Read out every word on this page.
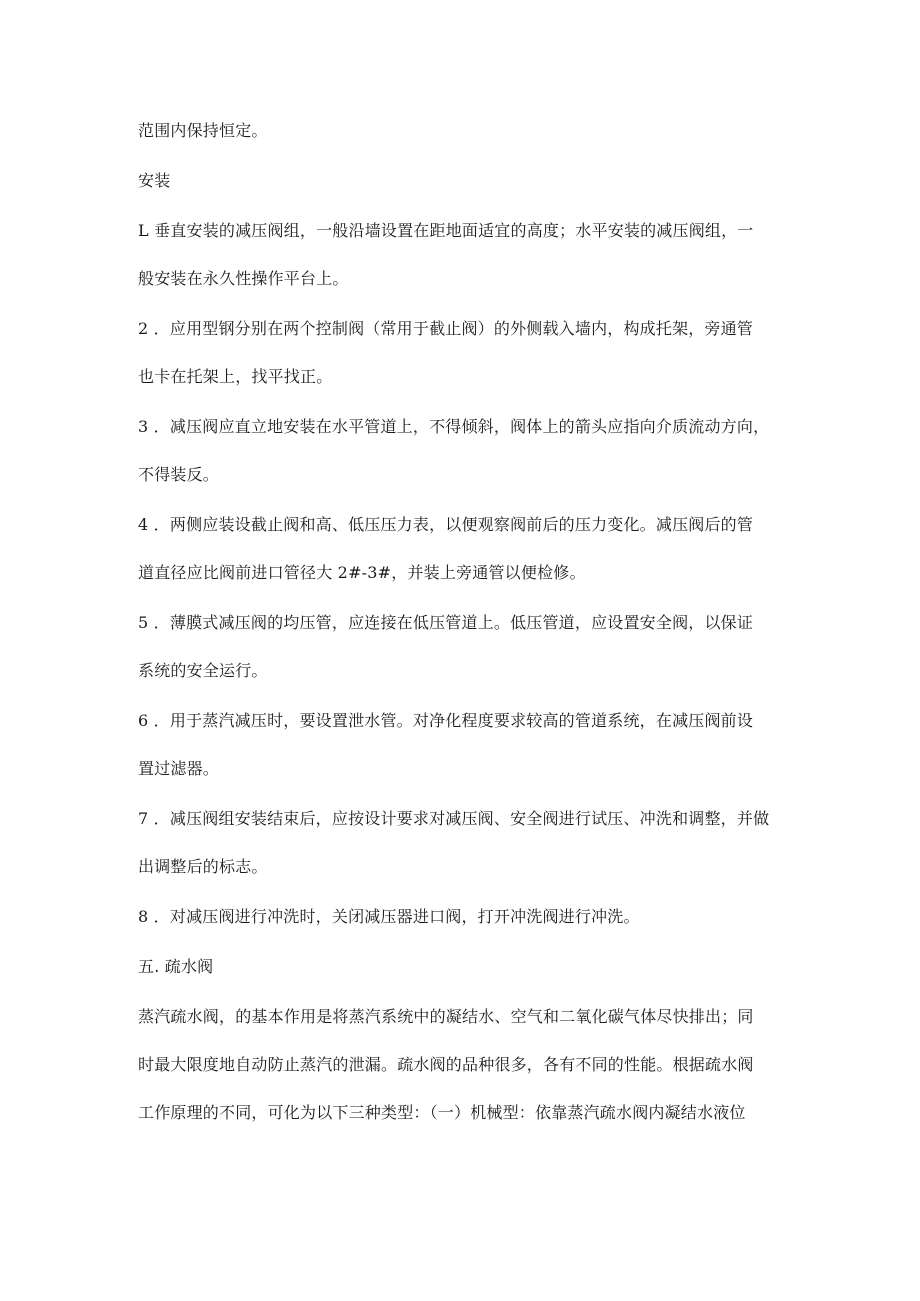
范围内保持恒定。
安装
L 垂直安装的减压阀组，一般沿墙设置在距地面适宜的高度；水平安装的减压阀组，一
般安装在永久性操作平台上。
2 ．应用型钢分别在两个控制阀（常用于截止阀）的外侧载入墙内，构成托架，旁通管
也卡在托架上，找平找正。
3 ．减压阀应直立地安装在水平管道上，不得倾斜，阀体上的箭头应指向介质流动方向，
不得装反。
4 ．两侧应装设截止阀和高、低压压力表，以便观察阀前后的压力变化。减压阀后的管
道直径应比阀前进口管径大 2#-3#，并装上旁通管以便检修。
5 ．薄膜式减压阀的均压管，应连接在低压管道上。低压管道，应设置安全阀，以保证
系统的安全运行。
6 ．用于蒸汽减压时，要设置泄水管。对净化程度要求较高的管道系统，在减压阀前设
置过滤器。
7 ．减压阀组安装结束后，应按设计要求对减压阀、安全阀进行试压、冲洗和调整，并做
出调整后的标志。
8 ．对减压阀进行冲洗时，关闭减压器进口阀，打开冲洗阀进行冲洗。
五. 疏水阀
蒸汽疏水阀，的基本作用是将蒸汽系统中的凝结水、空气和二氧化碳气体尽快排出；同
时最大限度地自动防止蒸汽的泄漏。疏水阀的品种很多，各有不同的性能。根据疏水阀
工作原理的不同，可化为以下三种类型：（一）机械型：依靠蒸汽疏水阀内凝结水液位
